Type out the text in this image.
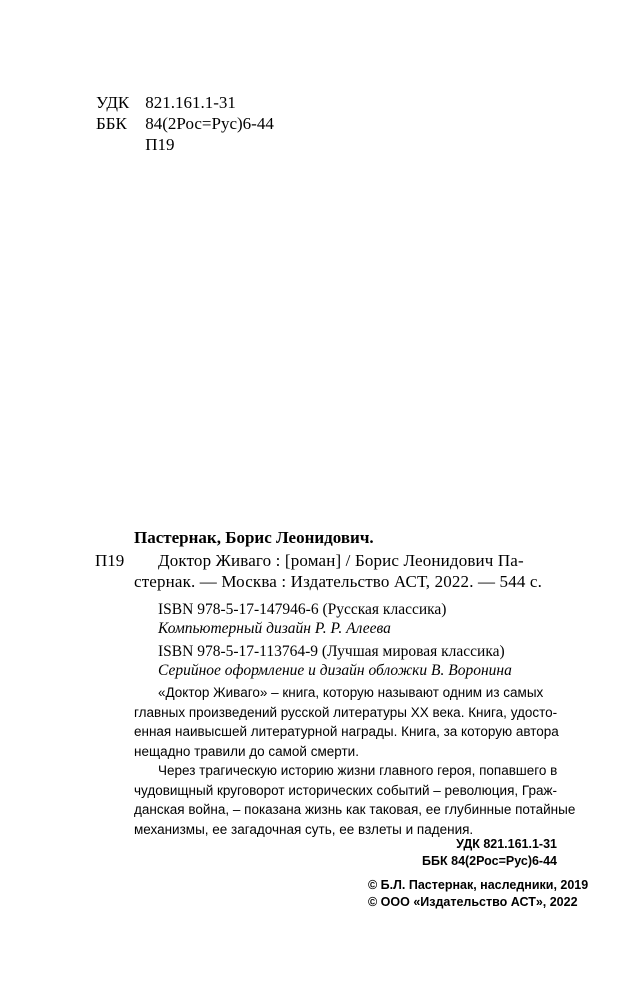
УДК 821.161.1-31
ББК 84(2Рос=Рус)6-44
П19
Пастернак, Борис Леонидович.
П19 Доктор Живаго : [роман] / Борис Леонидович Па-
стернак. — Москва : Издательство АСТ, 2022. — 544 с.
ISBN 978-5-17-147946-6 (Русская классика)
Компьютерный дизайн Р. Р. Алеева
ISBN 978-5-17-113764-9 (Лучшая мировая классика)
Серийное оформление и дизайн обложки В. Воронина
«Доктор Живаго» – книга, которую называют одним из самых
главных произведений русской литературы XX века. Книга, удосто-
енная наивысшей литературной награды. Книга, за которую автора
нещадно травили до самой смерти.
Через трагическую историю жизни главного героя, попавшего в
чудовищный круговорот исторических событий – революция, Граж-
данская война, – показана жизнь как таковая, ее глубинные потайные
механизмы, ее загадочная суть, ее взлеты и падения.
УДК 821.161.1-31
ББК 84(2Рос=Рус)6-44
© Б.Л. Пастернак, наследники, 2019
© ООО «Издательство АСТ», 2022
